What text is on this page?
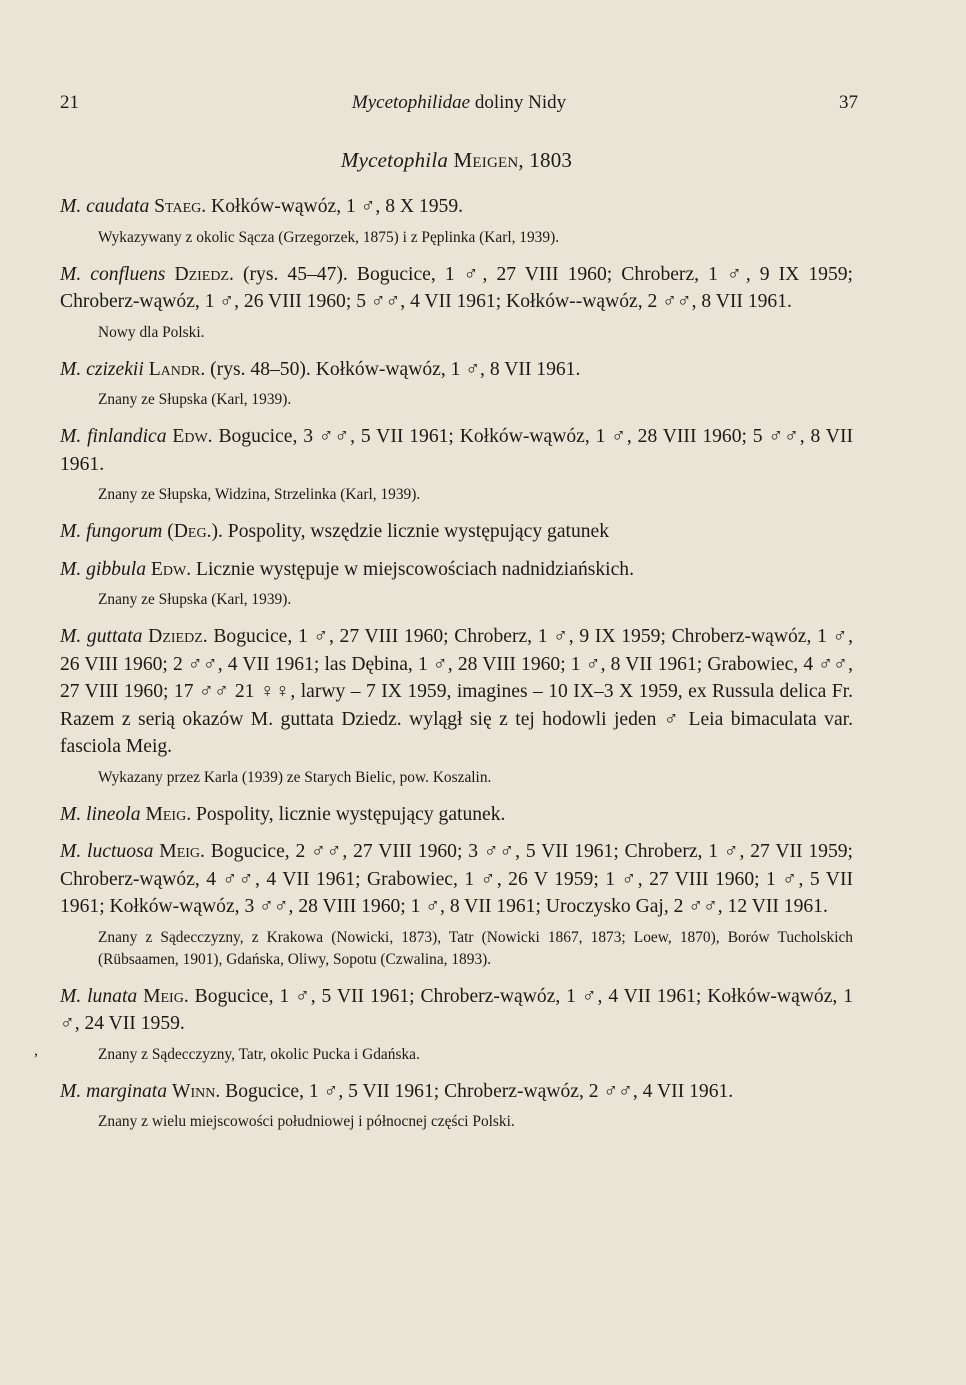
21	Mycetophilidae doliny Nidy	37
,
Mycetophila Meigen, 1803

M. caudata Staeg. Kołków-wąwóz, 1 ♂, 8 X 1959.

Wykazywany z okolic Sącza (Grzegorzek, 1875) i z Pęplinka (Karl, 1939).

M. confluens Dziedz. (rys. 45–47). Bogucice, 1 ♂, 27 VIII 1960; Chroberz, 1 ♂, 9 IX 1959; Chroberz-wąwóz, 1 ♂, 26 VIII 1960; 5 ♂♂, 4 VII 1961; Kołków--wąwóz, 2 ♂♂, 8 VII 1961.

Nowy dla Polski.

M. czizekii Landr. (rys. 48–50). Kołków-wąwóz, 1 ♂, 8 VII 1961.

Znany ze Słupska (Karl, 1939).

M. finlandica Edw. Bogucice, 3 ♂♂, 5 VII 1961; Kołków-wąwóz, 1 ♂, 28 VIII 1960; 5 ♂♂, 8 VII 1961.

Znany ze Słupska, Widzina, Strzelinka (Karl, 1939).

M. fungorum (Deg.). Pospolity, wszędzie licznie występujący gatunek

M. gibbula Edw. Licznie występuje w miejscowościach nadnidziańskich.

Znany ze Słupska (Karl, 1939).

M. guttata Dziedz. Bogucice, 1 ♂, 27 VIII 1960; Chroberz, 1 ♂, 9 IX 1959; Chroberz-wąwóz, 1 ♂, 26 VIII 1960; 2 ♂♂, 4 VII 1961; las Dębina, 1 ♂, 28 VIII 1960; 1 ♂, 8 VII 1961; Grabowiec, 4 ♂♂, 27 VIII 1960; 17 ♂♂ 21 ♀♀, larwy – 7 IX 1959, imagines – 10 IX–3 X 1959, ex Russula delica Fr. Razem z serią okazów M. guttata Dziedz. wylągł się z tej hodowli jeden ♂ Leia bimaculata var. fasciola Meig.

Wykazany przez Karla (1939) ze Starych Bielic, pow. Koszalin.

M. lineola Meig. Pospolity, licznie występujący gatunek.

M. luctuosa Meig. Bogucice, 2 ♂♂, 27 VIII 1960; 3 ♂♂, 5 VII 1961; Chroberz, 1 ♂, 27 VII 1959; Chroberz-wąwóz, 4 ♂♂, 4 VII 1961; Grabowiec, 1 ♂, 26 V 1959; 1 ♂, 27 VIII 1960; 1 ♂, 5 VII 1961; Kołków-wąwóz, 3 ♂♂, 28 VIII 1960; 1 ♂, 8 VII 1961; Uroczysko Gaj, 2 ♂♂, 12 VII 1961.

Znany z Sądecczyzny, z Krakowa (Nowicki, 1873), Tatr (Nowicki 1867, 1873; Loew, 1870), Borów Tucholskich (Rübsaamen, 1901), Gdańska, Oliwy, Sopotu (Czwalina, 1893).

M. lunata Meig. Bogucice, 1 ♂, 5 VII 1961; Chroberz-wąwóz, 1 ♂, 4 VII 1961; Kołków-wąwóz, 1 ♂, 24 VII 1959.

Znany z Sądecczyzny, Tatr, okolic Pucka i Gdańska.

M. marginata Winn. Bogucice, 1 ♂, 5 VII 1961; Chroberz-wąwóz, 2 ♂♂, 4 VII 1961.

Znany z wielu miejscowości południowej i północnej części Polski.
